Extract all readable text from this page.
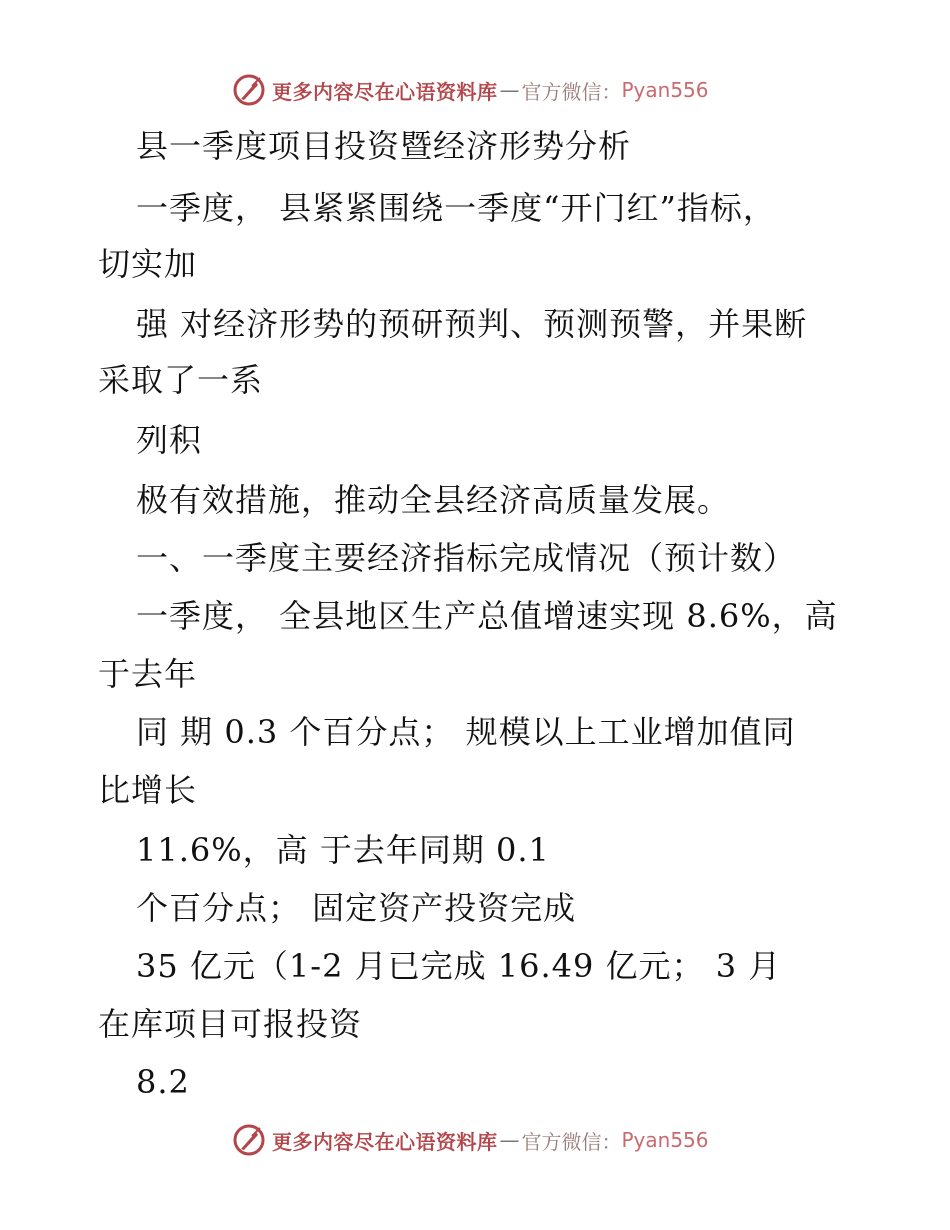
更多内容尽在心语资料库 — 官方微信： Pyan556
县一季度项目投资暨经济形势分析
一季度， 县紧紧围绕一季度“开门红”指标，
切实加
强 对经济形势的预研预判、预测预警，并果断
采取了一系
列积
极有效措施，推动全县经济高质量发展。
一、一季度主要经济指标完成情况（预计数）
一季度， 全县地区生产总值增速实现 8.6%，高
于去年
同 期 0.3 个百分点； 规模以上工业增加值同
比增长
11.6%，高 于去年同期 0.1
个百分点； 固定资产投资完成
35 亿元（1-2 月已完成 16.49 亿元； 3 月
在库项目可报投资
8.2
更多内容尽在心语资料库 — 官方微信： Pyan556
